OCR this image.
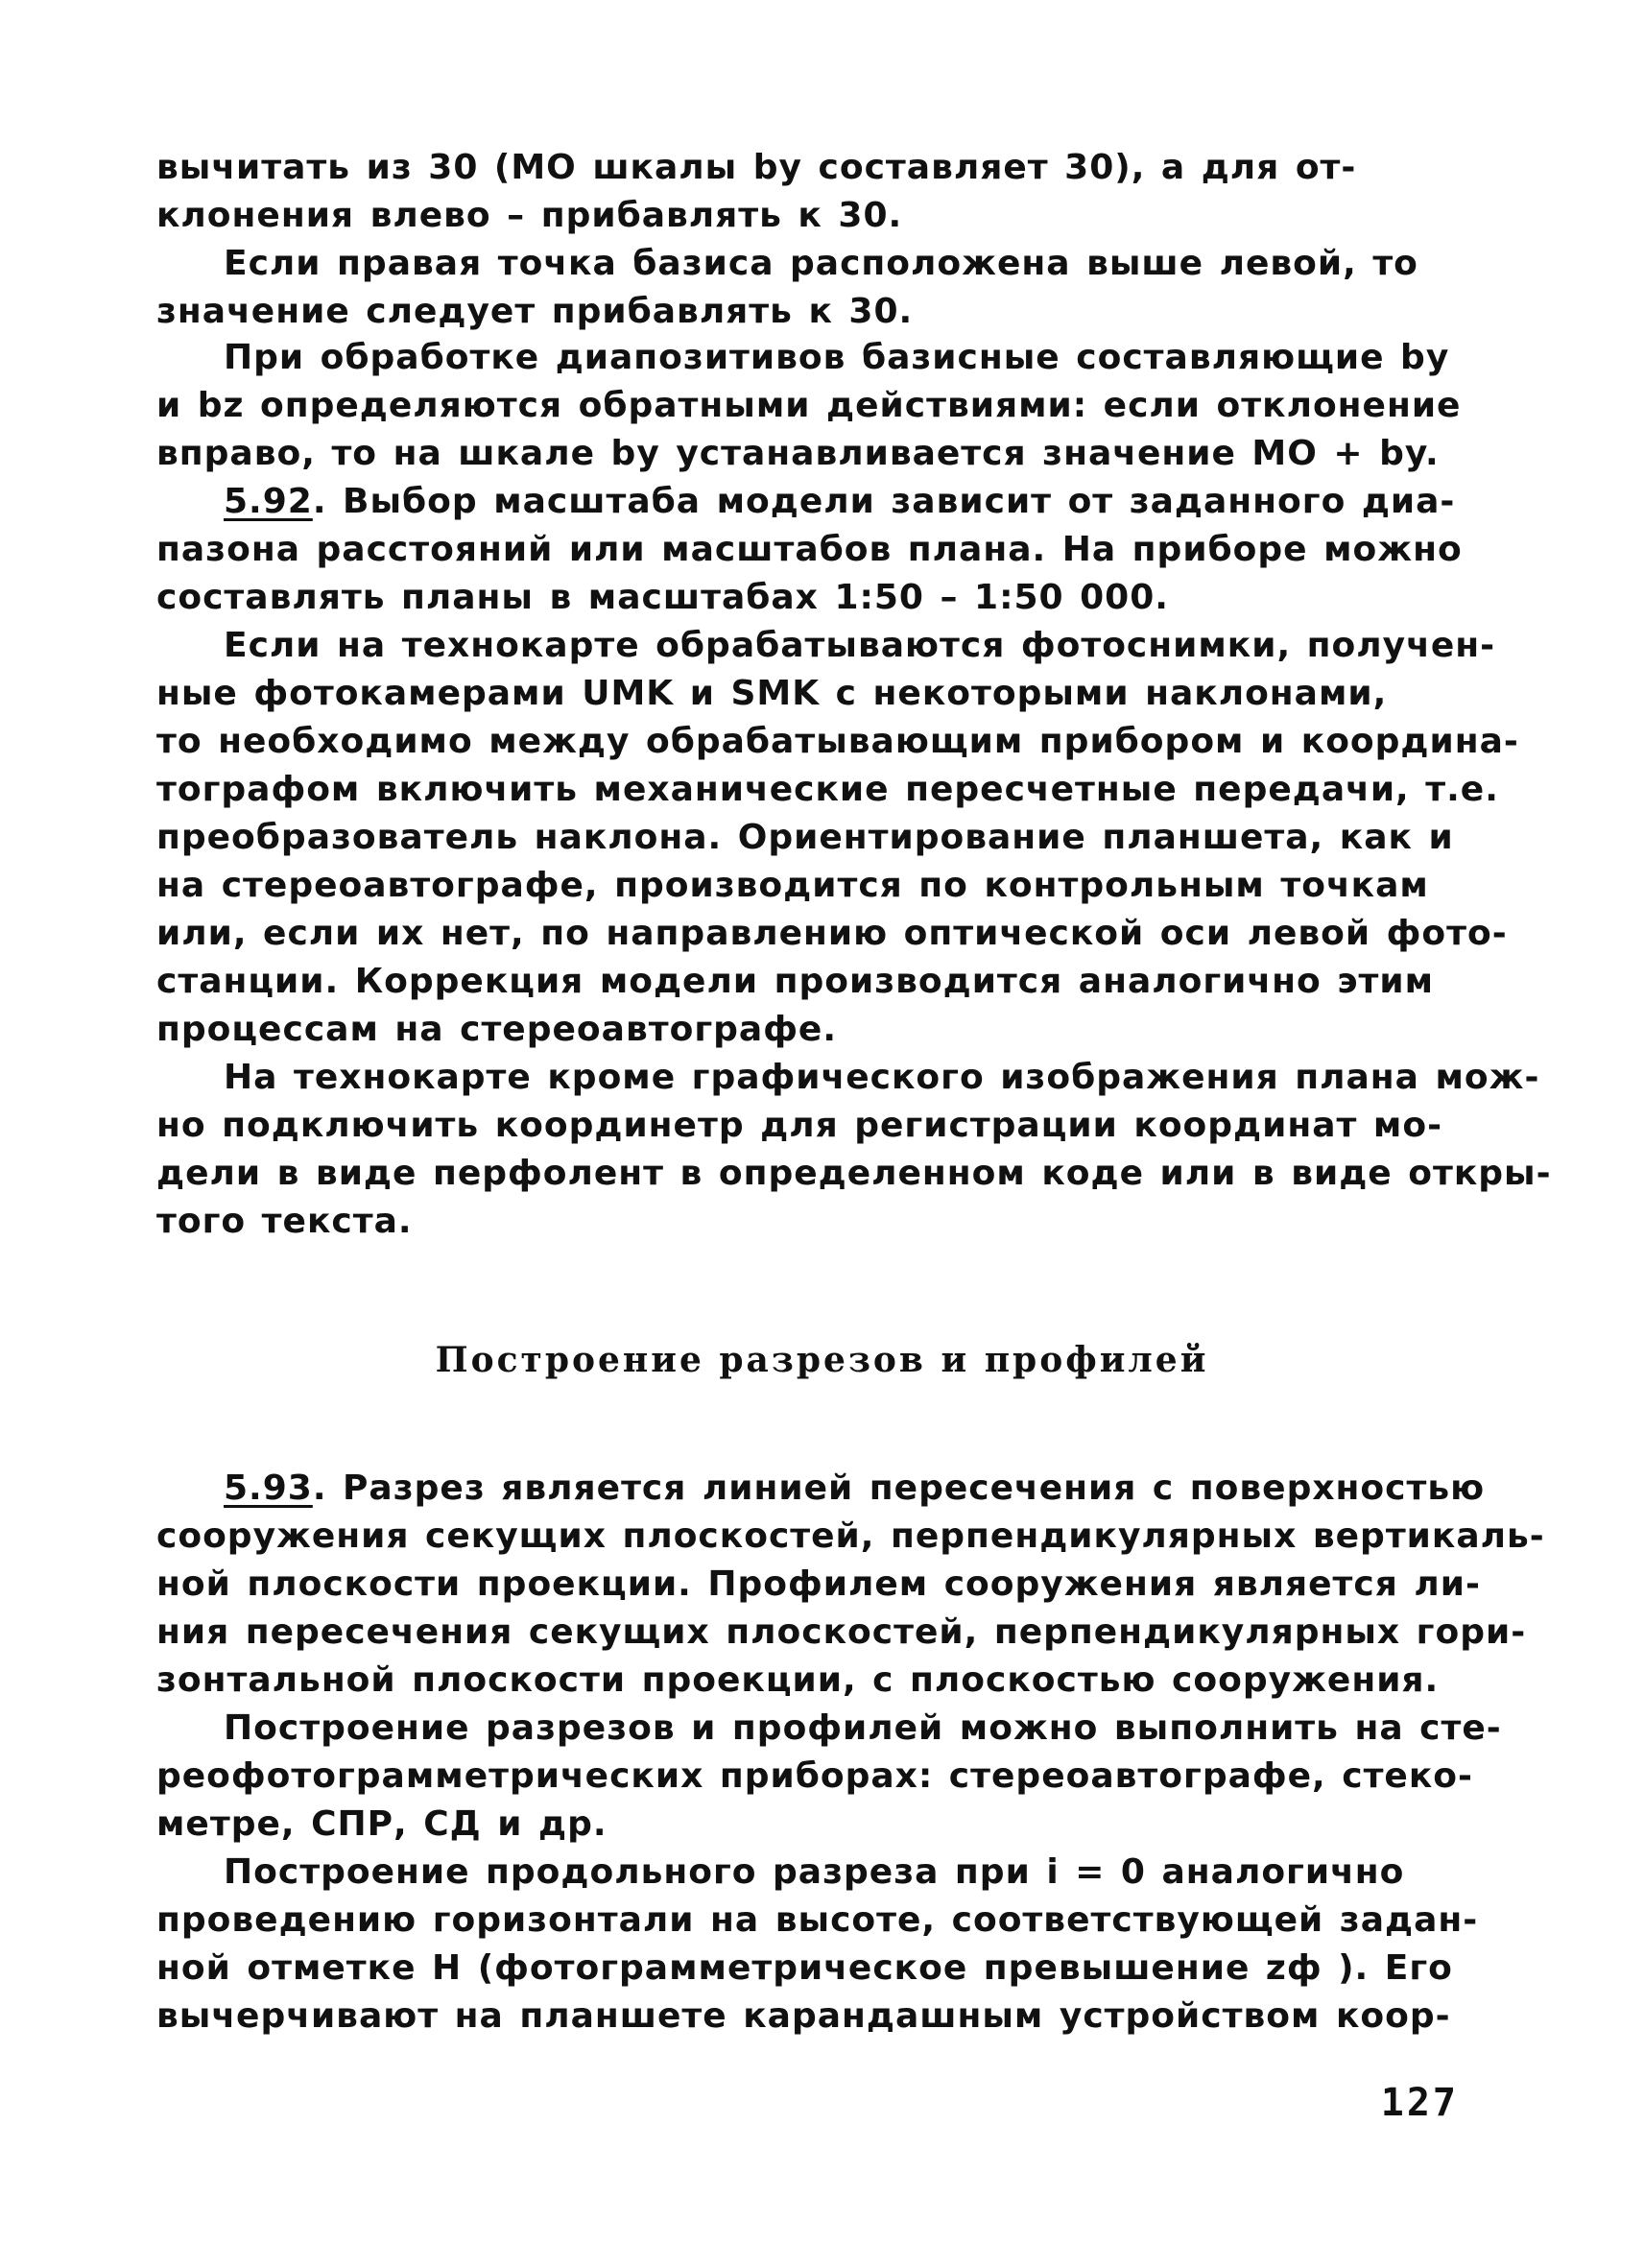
вычитать из 30 (МО шкалы by составляет 30), а для от-
клонения влево – прибавлять к 30.
Если правая точка базиса расположена выше левой, то
значение следует прибавлять к 30.
При обработке диапозитивов базисные составляющие by
и bz определяются обратными действиями: если отклонение
вправо, то на шкале by устанавливается значение МО + by.
5.92. Выбор масштаба модели зависит от заданного диа-
пазона расстояний или масштабов плана. На приборе можно
составлять планы в масштабах 1:50 – 1:50 000.
Если на технокарте обрабатываются фотоснимки, получен-
ные фотокамерами UMK и SMK с некоторыми наклонами,
то необходимо между обрабатывающим прибором и координа-
тографом включить механические пересчетные передачи, т.е.
преобразователь наклона. Ориентирование планшета, как и
на стереоавтографе, производится по контрольным точкам
или, если их нет, по направлению оптической оси левой фото-
станции. Коррекция модели производится аналогично этим
процессам на стереоавтографе.
На технокарте кроме графического изображения плана мож-
но подключить координетр для регистрации координат мо-
дели в виде перфолент в определенном коде или в виде откры-
того текста.
Построение разрезов и профилей
5.93. Разрез является линией пересечения с поверхностью
сооружения секущих плоскостей, перпендикулярных вертикаль-
ной плоскости проекции. Профилем сооружения является ли-
ния пересечения секущих плоскостей, перпендикулярных гори-
зонтальной плоскости проекции, с плоскостью сооружения.
Построение разрезов и профилей можно выполнить на сте-
реофотограмметрических приборах: стереоавтографе, стеко-
метре, СПР, СД и др.
Построение продольного разреза при i = 0 аналогично
проведению горизонтали на высоте, соответствующей задан-
ной отметке H (фотограмметрическое превышение zф ). Его
вычерчивают на планшете карандашным устройством коор-
127
